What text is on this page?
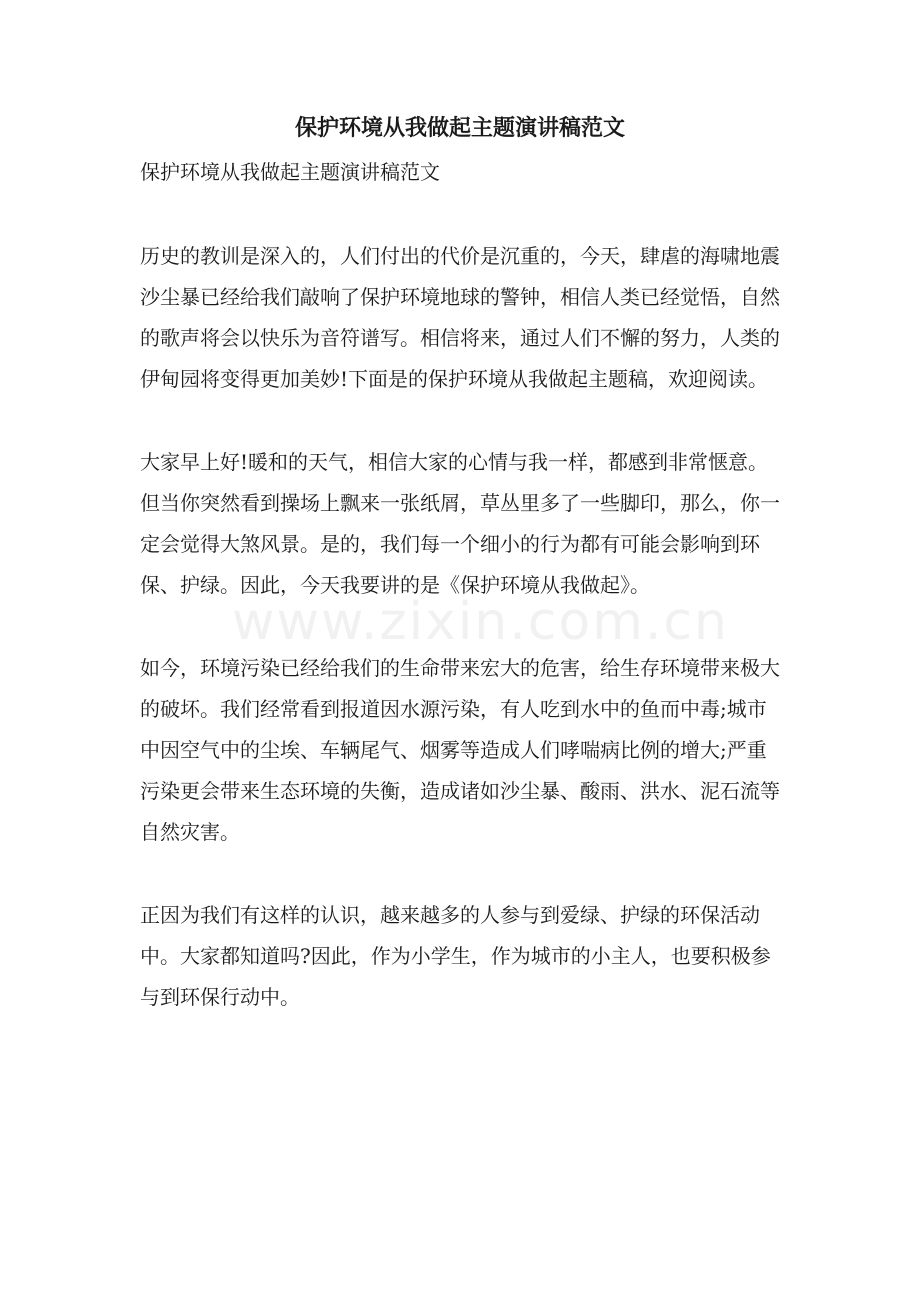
www.zixin.com.cn
保护环境从我做起主题演讲稿范文

保护环境从我做起主题演讲稿范文

历史的教训是深入的，人们付出的代价是沉重的，今天，肆虐的海啸地震沙尘暴已经给我们敲响了保护环境地球的警钟，相信人类已经觉悟，自然的歌声将会以快乐为音符谱写。相信将来，通过人们不懈的努力，人类的伊甸园将变得更加美妙!下面是的保护环境从我做起主题稿，欢迎阅读。

大家早上好!暖和的天气，相信大家的心情与我一样，都感到非常惬意。但当你突然看到操场上飘来一张纸屑，草丛里多了一些脚印，那么，你一定会觉得大煞风景。是的，我们每一个细小的行为都有可能会影响到环保、护绿。因此，今天我要讲的是《保护环境从我做起》。

如今，环境污染已经给我们的生命带来宏大的危害，给生存环境带来极大的破坏。我们经常看到报道因水源污染，有人吃到水中的鱼而中毒;城市中因空气中的尘埃、车辆尾气、烟雾等造成人们哮喘病比例的增大;严重污染更会带来生态环境的失衡，造成诸如沙尘暴、酸雨、洪水、泥石流等自然灾害。

正因为我们有这样的认识，越来越多的人参与到爱绿、护绿的环保活动中。大家都知道吗?因此，作为小学生，作为城市的小主人，也要积极参与到环保行动中。
